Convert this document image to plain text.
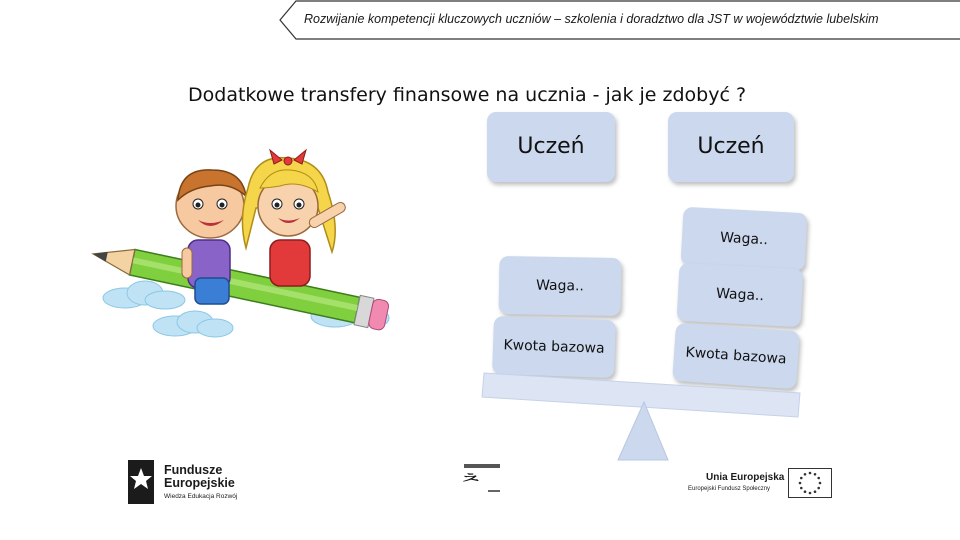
Rozwijanie kompetencji kluczowych uczniów – szkolenia i doradztwo dla JST w województwie lubelskim
Dodatkowe transfery finansowe na ucznia - jak je zdobyć ?
Uczeń
Waga..
Kwota bazowa
Uczeń
Waga..
Waga..
Kwota bazowa
Fundusze
Europejskie
Wiedza Edukacja Rozwój	ᄎ	Unia Europejska
Europejski Fundusz Społeczny
